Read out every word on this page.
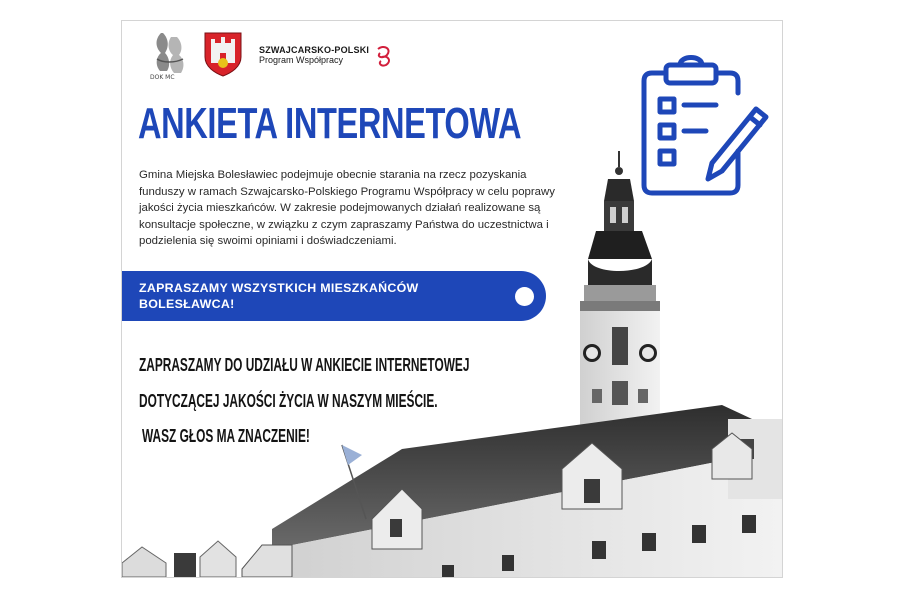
DOK MC
SZWAJCARSKO-POLSKI
Program Współpracy
ANKIETA INTERNETOWA

Gmina Miejska Bolesławiec podejmuje obecnie starania na rzecz pozyskania funduszy w ramach Szwajcarsko-Polskiego Programu Współpracy w celu poprawy jakości życia mieszkańców. W zakresie podejmowanych działań realizowane są konsultacje społeczne, w związku z czym zapraszamy Państwa do uczestnictwa i podzielenia się swoimi opiniami i doświadczeniami.

ZAPRASZAMY WSZYSTKICH MIESZKAŃCÓW BOLESŁAWCA!

ZAPRASZAMY DO UDZIAŁU W ANKIECIE INTERNETOWEJ

DOTYCZĄCEJ JAKOŚCI ŻYCIA W NASZYM MIEŚCIE.

WASZ GŁOS MA ZNACZENIE!
